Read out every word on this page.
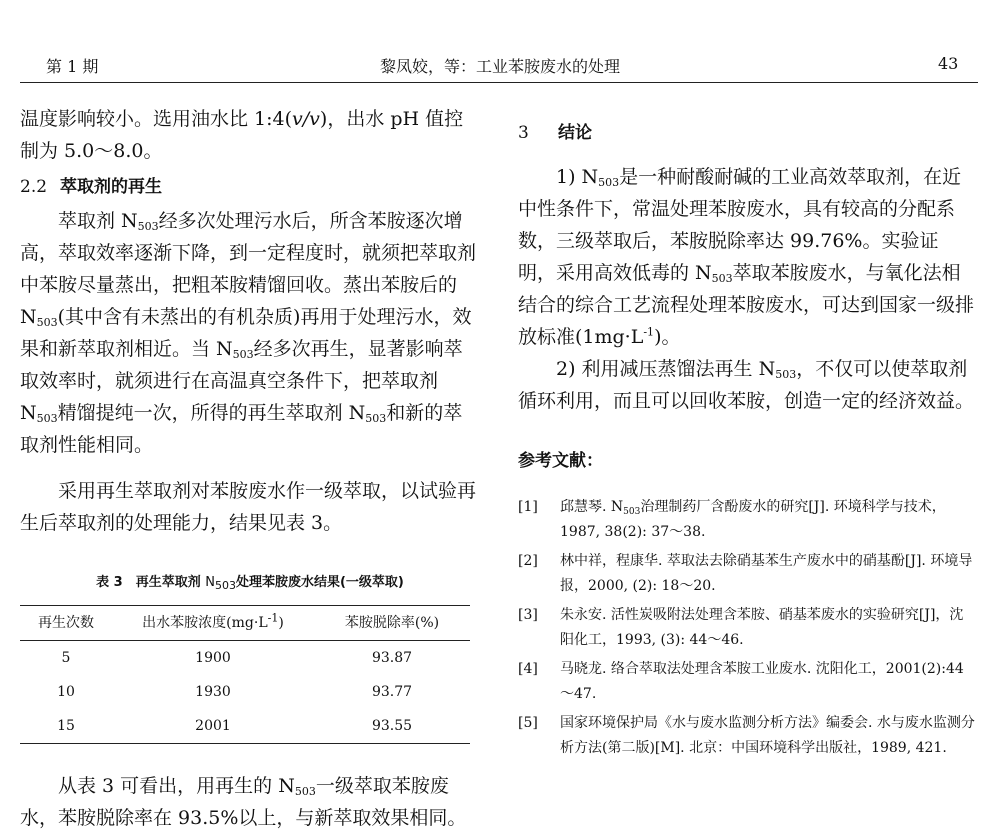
第 1 期	黎凤姣，等：工业苯胺废水的处理	43

温度影响较小。选用油水比 1:4(v/v)，出水 pH 值控制为 5.0～8.0。

2.2 萃取剂的再生

萃取剂 $N_{503}$经多次处理污水后，所含苯胺逐次增高，萃取效率逐渐下降，到一定程度时，就须把萃取剂中苯胺尽量蒸出，把粗苯胺精馏回收。蒸出苯胺后的 $N_{503}$(其中含有未蒸出的有机杂质)再用于处理污水，效果和新萃取剂相近。当 $N_{503}$经多次再生，显著影响萃取效率时，就须进行在高温真空条件下，把萃取剂 $N_{503}$精馏提纯一次，所得的再生萃取剂 $N_{503}$和新的萃取剂性能相同。

采用再生萃取剂对苯胺废水作一级萃取，以试验再生后萃取剂的处理能力，结果见表 3。

表 3　再生萃取剂 $N_{503}$处理苯胺废水结果(一级萃取)

再生次数	出水苯胺浓度$(mg\cdot L^{-1})$	苯胺脱除率(%)
5	1900	93.87
10	1930	93.77
15	2001	93.55

从表 3 可看出，用再生的 $N_{503}$一级萃取苯胺废水，苯胺脱除率在 93.5%以上，与新萃取效果相同。

3 结论

1) $N_{503}$是一种耐酸耐碱的工业高效萃取剂，在近中性条件下，常温处理苯胺废水，具有较高的分配系数，三级萃取后，苯胺脱除率达 99.76%。实验证明，采用高效低毒的 $N_{503}$萃取苯胺废水，与氧化法相结合的综合工艺流程处理苯胺废水，可达到国家一级排放标准$(1mg\cdot L^{-1})$。

2) 利用减压蒸馏法再生 $N_{503}$，不仅可以使萃取剂循环利用，而且可以回收苯胺，创造一定的经济效益。

参考文献：
[1] 邱慧琴. $N_{503}$治理制药厂含酚废水的研究[J]. 环境科学与技术，1987, 38(2): 37～38.
[2] 林中祥，程康华. 萃取法去除硝基苯生产废水中的硝基酚[J]. 环境导报，2000, (2): 18～20.
[3] 朱永安. 活性炭吸附法处理含苯胺、硝基苯废水的实验研究[J]，沈阳化工，1993, (3): 44～46.
[4] 马晓龙. 络合萃取法处理含苯胺工业废水. 沈阳化工，2001(2):44～47.
[5] 国家环境保护局《水与废水监测分析方法》编委会. 水与废水监测分析方法(第二版)[M]. 北京：中国环境科学出版社，1989, 421.
